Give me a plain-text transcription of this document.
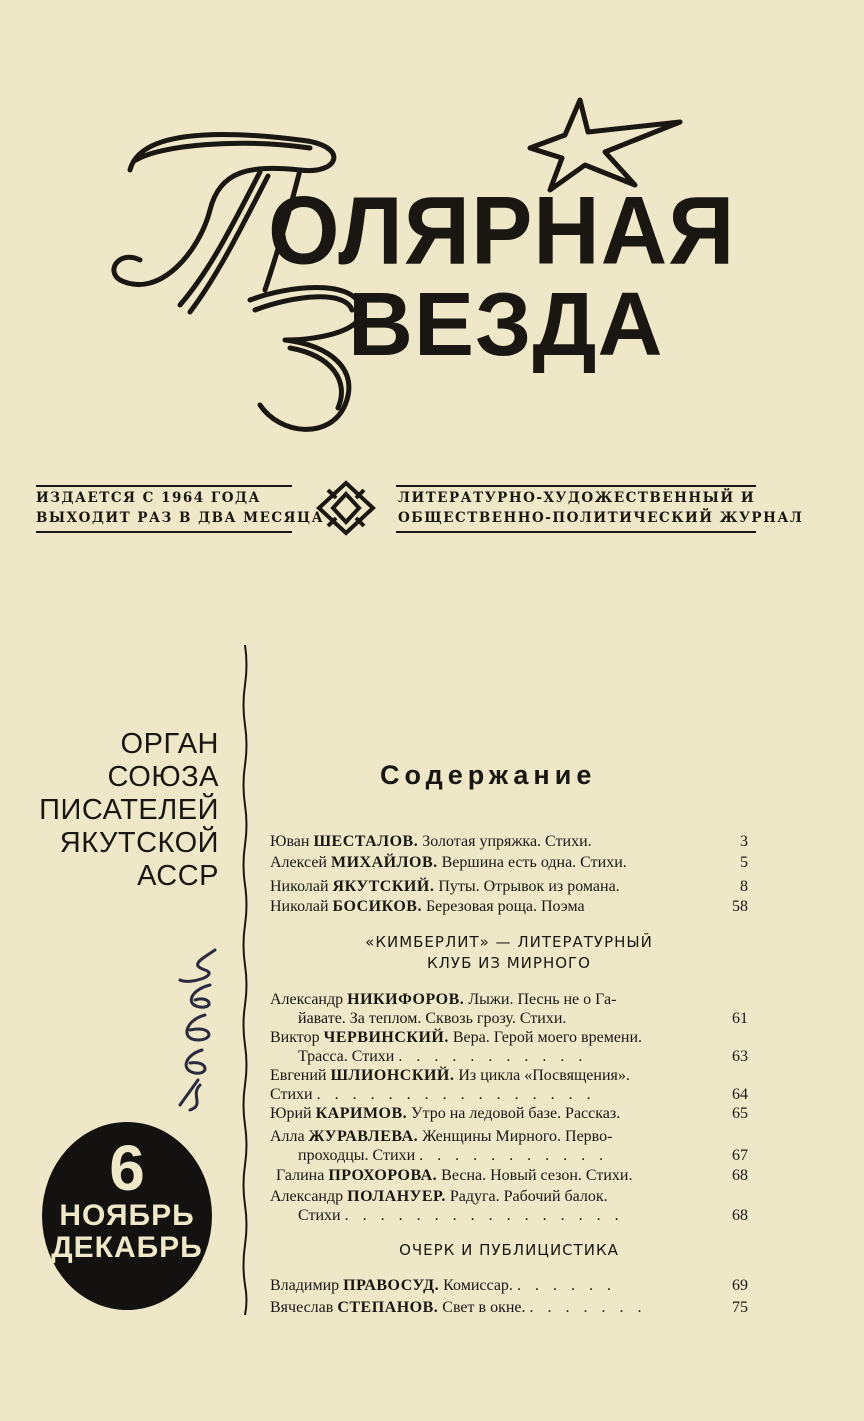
ОЛЯРНАЯ
ВЕЗДА
ИЗДАЕТСЯ С 1964 ГОДА
ВЫХОДИТ РАЗ В ДВА МЕСЯЦА
ЛИТЕРАТУРНО-ХУДОЖЕСТВЕННЫЙ И
ОБЩЕСТВЕННО-ПОЛИТИЧЕСКИЙ ЖУРНАЛ
ОРГАН
СОЮЗА
ПИСАТЕЛЕЙ
ЯКУТСКОЙ
АССР
6
НОЯБРЬ
ДЕКАБРЬ
Содержание
Юван ШЕСТАЛОВ. Золотая упряжка. Стихи.	3
Алексей МИХАЙЛОВ. Вершина есть одна. Стихи.	5
Николай ЯКУТСКИЙ. Путы. Отрывок из романа.	8
Николай БОСИКОВ. Березовая роща. Поэма	58
«КИМБЕРЛИТ» — ЛИТЕРАТУРНЫЙ
КЛУБ ИЗ МИРНОГО
Александр НИКИФОРОВ. Лыжи. Песнь не о Га-
йавате. За теплом. Сквозь грозу. Стихи.	61
Виктор ЧЕРВИНСКИЙ. Вера. Герой моего времени.
Трасса. Стихи . . . . . . . . . . .	63
Евгений ШЛИОНСКИЙ. Из цикла «Посвящения».
Стихи . . . . . . . . . . . . . . . .	64
Юрий КАРИМОВ. Утро на ледовой базе. Рассказ.	65
Алла ЖУРАВЛЕВА. Женщины Мирного. Перво-
проходцы. Стихи . . . . . . . . . . .	67
Галина ПРОХОРОВА. Весна. Новый сезон. Стихи.	68
Александр ПОЛАНУЕР. Радуга. Рабочий балок.
Стихи . . . . . . . . . . . . . . . .	68
ОЧЕРК И ПУБЛИЦИСТИКА
Владимир ПРАВОСУД. Комиссар. . . . . . .	69
Вячеслав СТЕПАНОВ. Свет в окне. . . . . . . .	75
